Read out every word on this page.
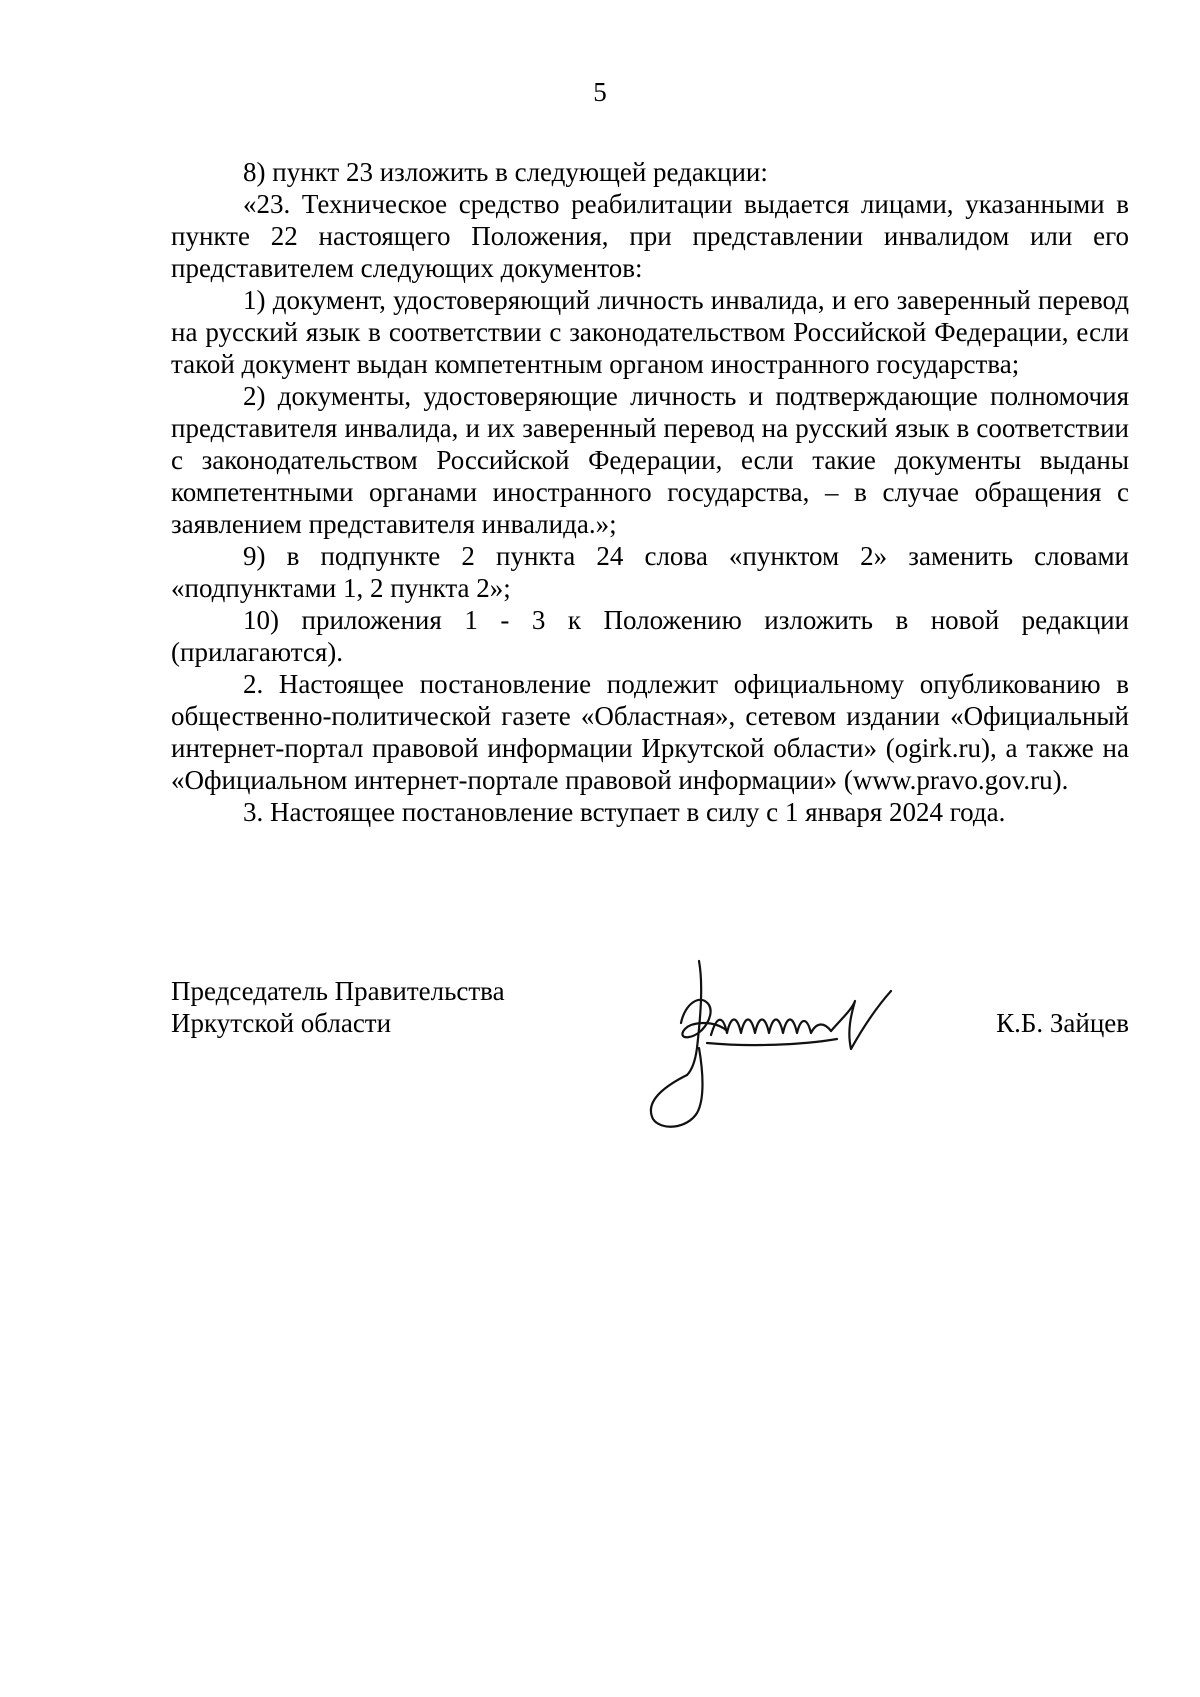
5

8) пункт 23 изложить в следующей редакции:

«23. Техническое средство реабилитации выдается лицами, указанными в пункте 22 настоящего Положения, при представлении инвалидом или его представителем следующих документов:

1) документ, удостоверяющий личность инвалида, и его заверенный перевод на русский язык в соответствии с законодательством Российской Федерации, если такой документ выдан компетентным органом иностранного государства;

2) документы, удостоверяющие личность и подтверждающие полномочия представителя инвалида, и их заверенный перевод на русский язык в соответствии с законодательством Российской Федерации, если такие документы выданы компетентными органами иностранного государства, – в случае обращения с заявлением представителя инвалида.»;

9) в подпункте 2 пункта 24 слова «пунктом 2» заменить словами «подпунктами 1, 2 пункта 2»;

10) приложения 1 - 3 к Положению изложить в новой редакции (прилагаются).

2. Настоящее постановление подлежит официальному опубликованию в общественно-политической газете «Областная», сетевом издании «Официальный интернет-портал правовой информации Иркутской области» (ogirk.ru), а также на «Официальном интернет-портале правовой информации» (www.pravo.gov.ru).

3. Настоящее постановление вступает в силу с 1 января 2024 года.

Председатель Правительства
Иркутской области	К.Б. Зайцев
